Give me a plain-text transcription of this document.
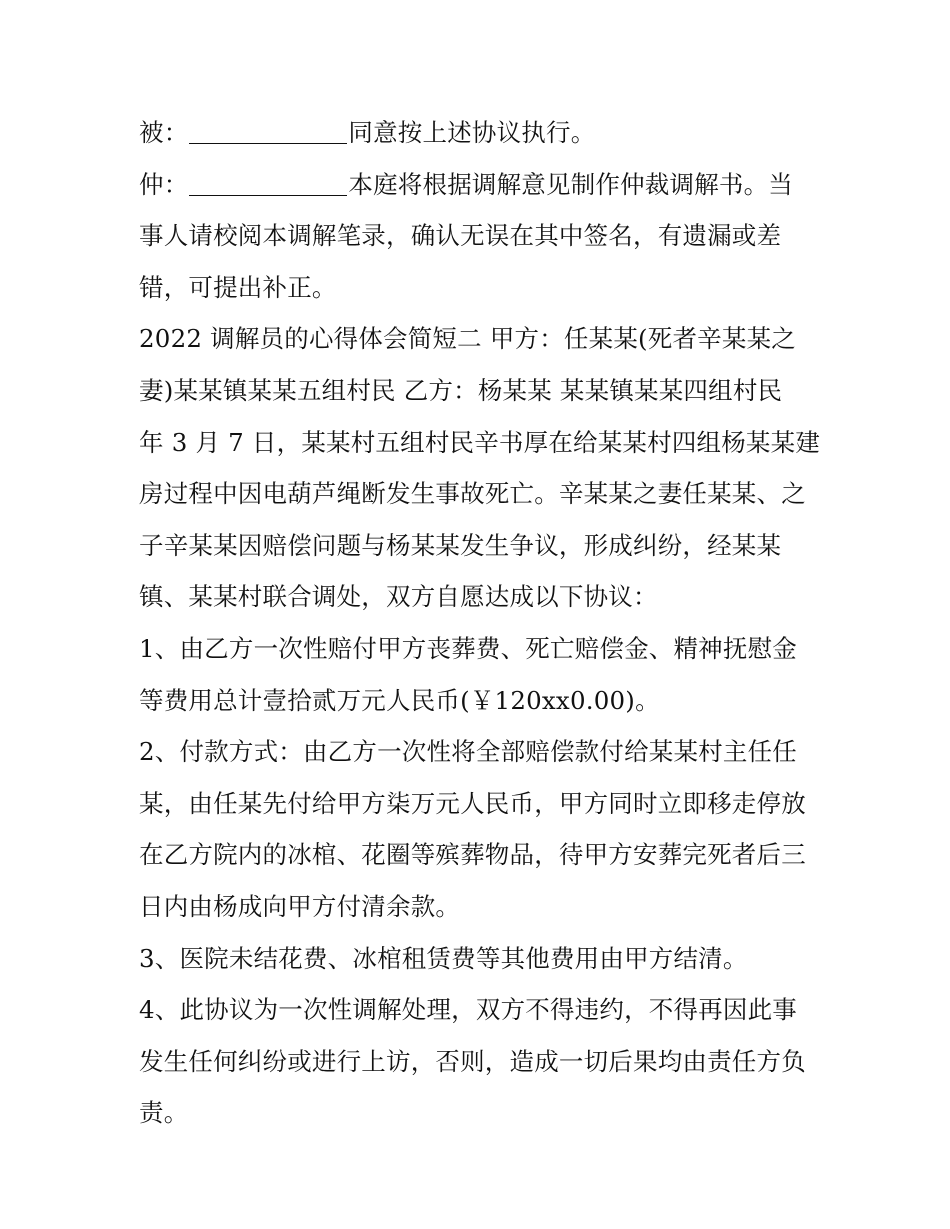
被：	同意按上述协议执行。
仲：	本庭将根据调解意见制作仲裁调解书。当
事人请校阅本调解笔录，确认无误在其中签名，有遗漏或差
错，可提出补正。
2022 调解员的心得体会简短二 甲方：任某某(死者辛某某之
妻)某某镇某某五组村民 乙方：杨某某 某某镇某某四组村民
年 3 月 7 日，某某村五组村民辛书厚在给某某村四组杨某某建
房过程中因电葫芦绳断发生事故死亡。辛某某之妻任某某、之
子辛某某因赔偿问题与杨某某发生争议，形成纠纷，经某某
镇、某某村联合调处，双方自愿达成以下协议：
1、由乙方一次性赔付甲方丧葬费、死亡赔偿金、精神抚慰金
等费用总计壹拾贰万元人民币(￥120xx0.00)。
2、付款方式：由乙方一次性将全部赔偿款付给某某村主任任
某，由任某先付给甲方柒万元人民币，甲方同时立即移走停放
在乙方院内的冰棺、花圈等殡葬物品，待甲方安葬完死者后三
日内由杨成向甲方付清余款。
3、医院未结花费、冰棺租赁费等其他费用由甲方结清。
4、此协议为一次性调解处理，双方不得违约，不得再因此事
发生任何纠纷或进行上访，否则，造成一切后果均由责任方负
责。
